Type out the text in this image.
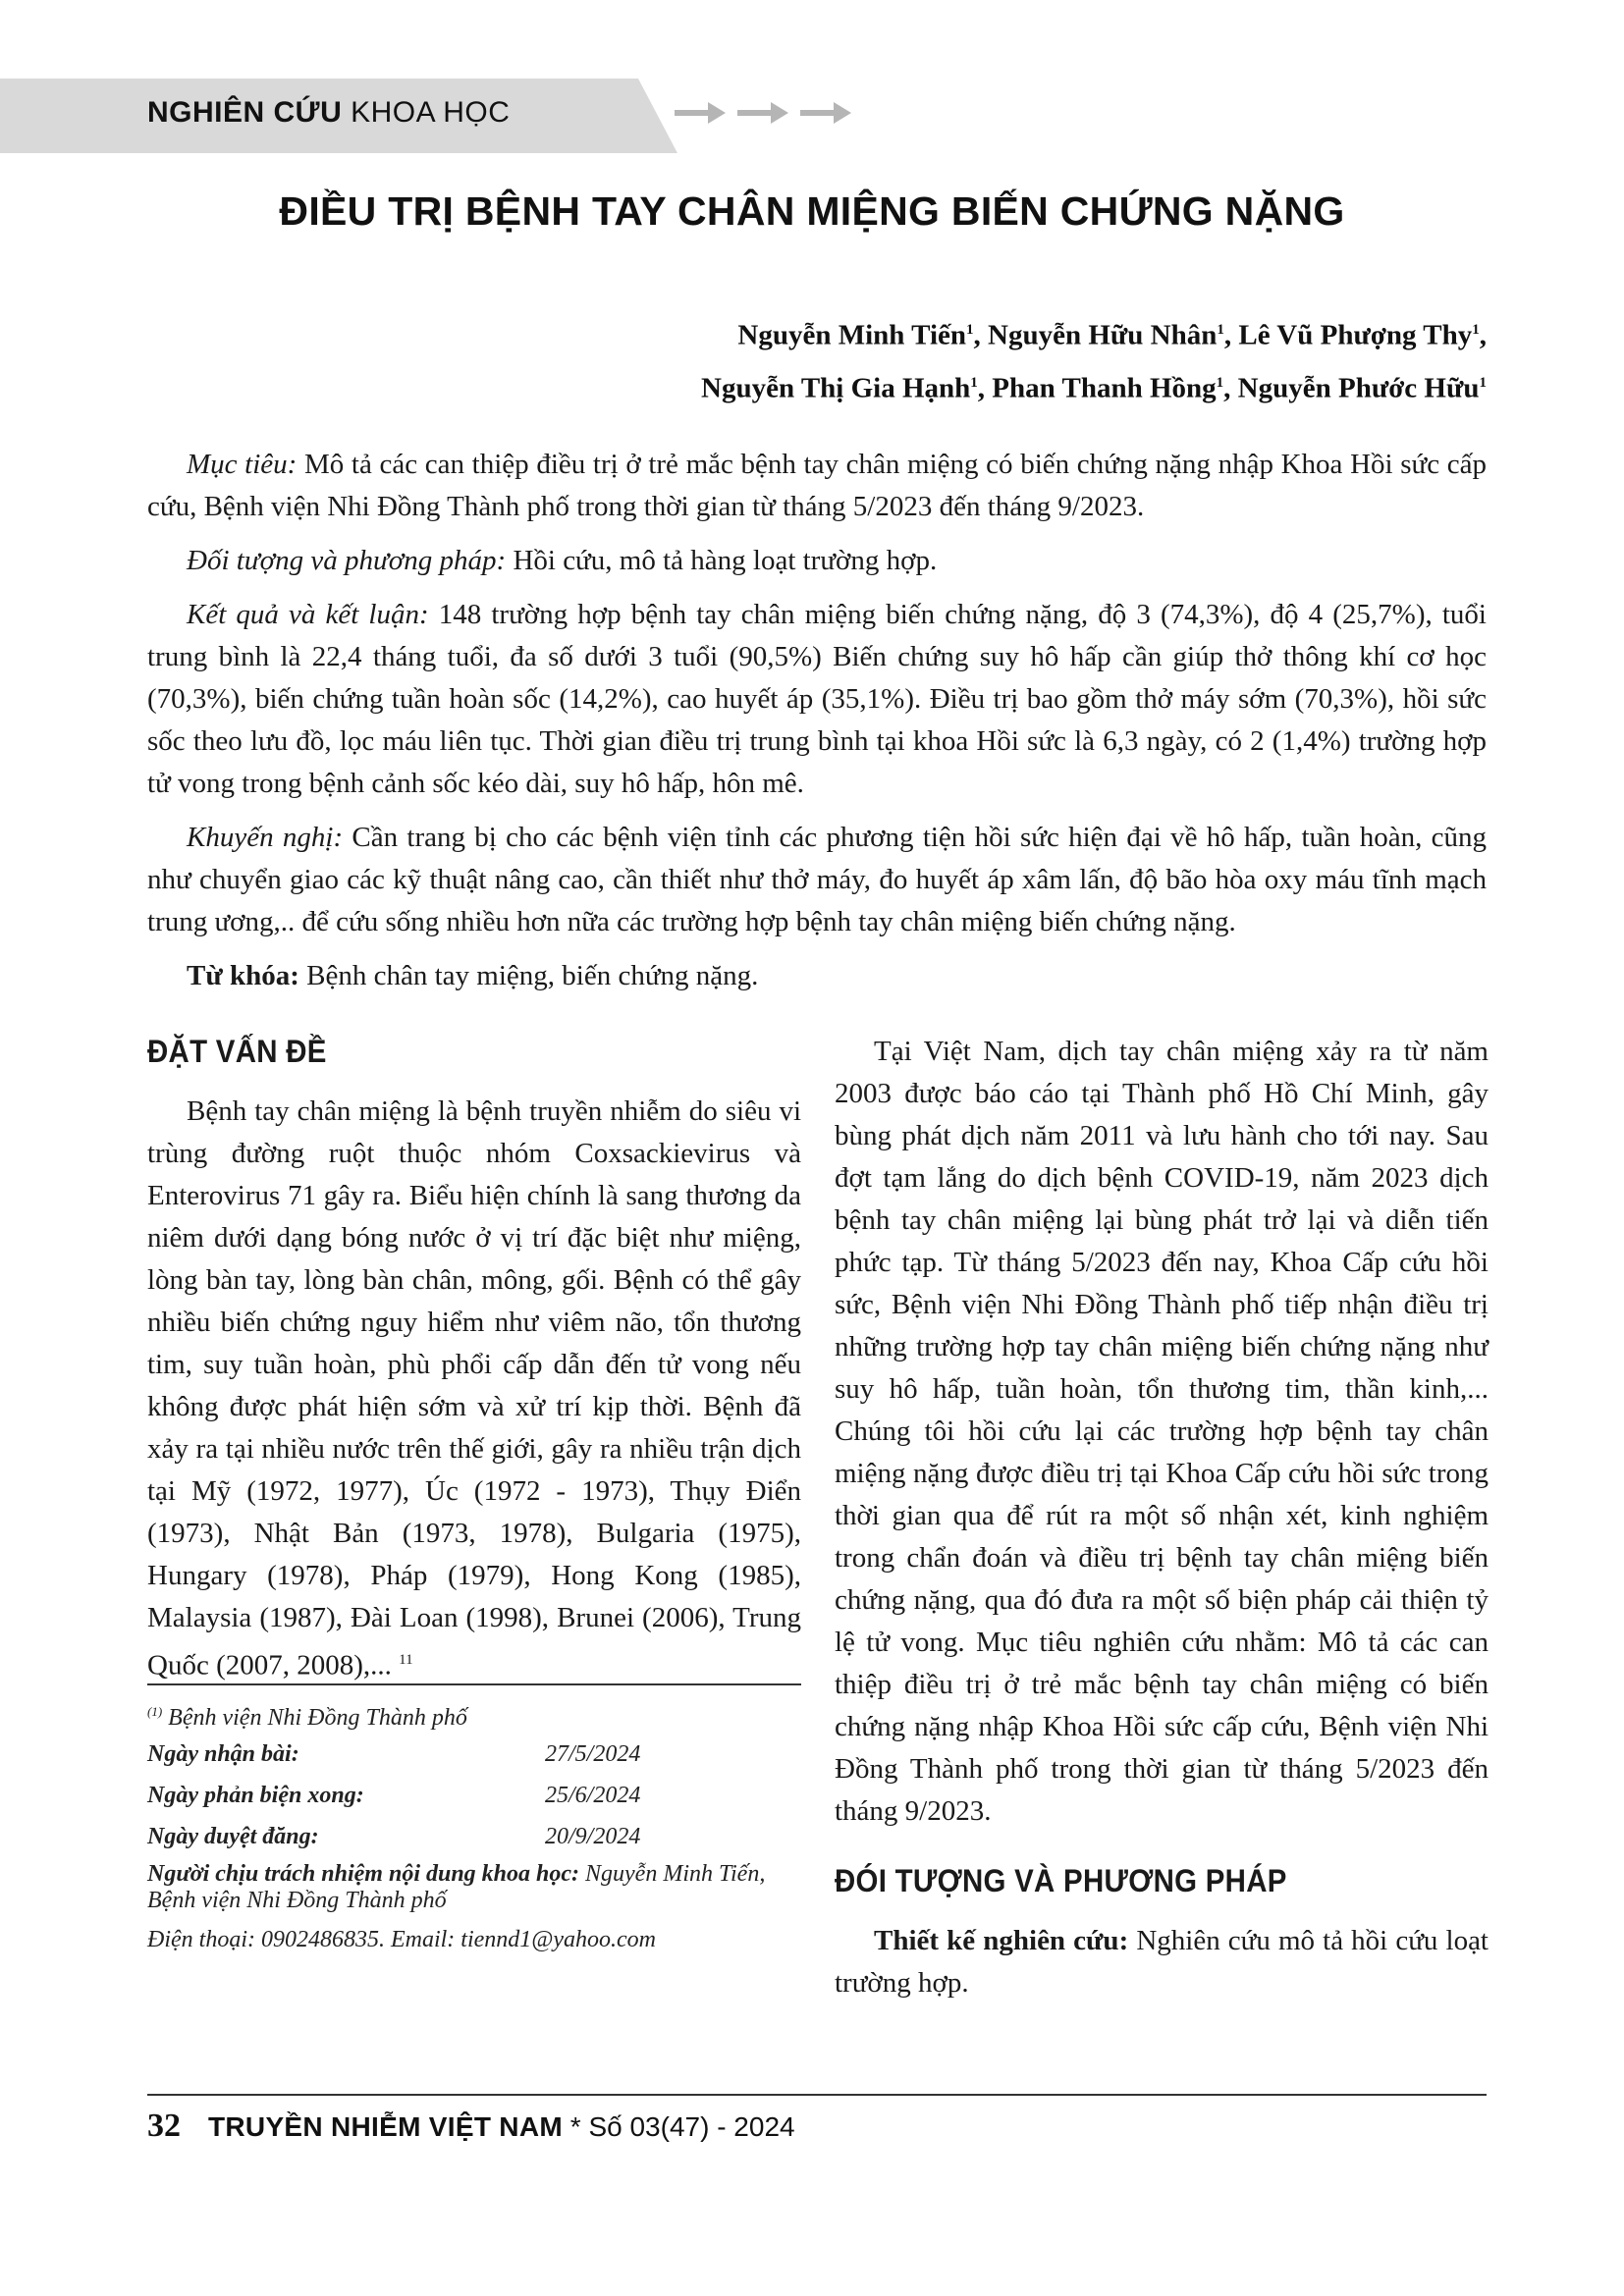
NGHIÊN CỨU KHOA HỌC

ĐIỀU TRỊ BỆNH TAY CHÂN MIỆNG BIẾN CHỨNG NẶNG
Nguyễn Minh Tiến$^1$, Nguyễn Hữu Nhân$^1$, Lê Vũ Phượng Thy$^1$,
Nguyễn Thị Gia Hạnh$^1$, Phan Thanh Hồng$^1$, Nguyễn Phước Hữu$^1$

Mục tiêu: Mô tả các can thiệp điều trị ở trẻ mắc bệnh tay chân miệng có biến chứng nặng nhập Khoa Hồi sức cấp cứu, Bệnh viện Nhi Đồng Thành phố trong thời gian từ tháng 5/2023 đến tháng 9/2023.

Đối tượng và phương pháp: Hồi cứu, mô tả hàng loạt trường hợp.

Kết quả và kết luận: 148 trường hợp bệnh tay chân miệng biến chứng nặng, độ 3 (74,3%), độ 4 (25,7%), tuổi trung bình là 22,4 tháng tuổi, đa số dưới 3 tuổi (90,5%) Biến chứng suy hô hấp cần giúp thở thông khí cơ học (70,3%), biến chứng tuần hoàn sốc (14,2%), cao huyết áp (35,1%). Điều trị bao gồm thở máy sớm (70,3%), hồi sức sốc theo lưu đồ, lọc máu liên tục. Thời gian điều trị trung bình tại khoa Hồi sức là 6,3 ngày, có 2 (1,4%) trường hợp tử vong trong bệnh cảnh sốc kéo dài, suy hô hấp, hôn mê.

Khuyến nghị: Cần trang bị cho các bệnh viện tỉnh các phương tiện hồi sức hiện đại về hô hấp, tuần hoàn, cũng như chuyển giao các kỹ thuật nâng cao, cần thiết như thở máy, đo huyết áp xâm lấn, độ bão hòa oxy máu tĩnh mạch trung ương,.. để cứu sống nhiều hơn nữa các trường hợp bệnh tay chân miệng biến chứng nặng.

Từ khóa: Bệnh chân tay miệng, biến chứng nặng.

ĐẶT VẤN ĐỀ

Bệnh tay chân miệng là bệnh truyền nhiễm do siêu vi trùng đường ruột thuộc nhóm Coxsackievirus và Enterovirus 71 gây ra. Biểu hiện chính là sang thương da niêm dưới dạng bóng nước ở vị trí đặc biệt như miệng, lòng bàn tay, lòng bàn chân, mông, gối. Bệnh có thể gây nhiều biến chứng nguy hiểm như viêm não, tổn thương tim, suy tuần hoàn, phù phổi cấp dẫn đến tử vong nếu không được phát hiện sớm và xử trí kịp thời. Bệnh đã xảy ra tại nhiều nước trên thế giới, gây ra nhiều trận dịch tại Mỹ (1972, 1977), Úc (1972 - 1973), Thụy Điển (1973), Nhật Bản (1973, 1978), Bulgaria (1975), Hungary (1978), Pháp (1979), Hong Kong (1985), Malaysia (1987), Đài Loan (1998), Brunei (2006), Trung Quốc (2007, 2008),... $^{11}$

Tại Việt Nam, dịch tay chân miệng xảy ra từ năm 2003 được báo cáo tại Thành phố Hồ Chí Minh, gây bùng phát dịch năm 2011 và lưu hành cho tới nay. Sau đợt tạm lắng do dịch bệnh COVID-19, năm 2023 dịch bệnh tay chân miệng lại bùng phát trở lại và diễn tiến phức tạp. Từ tháng 5/2023 đến nay, Khoa Cấp cứu hồi sức, Bệnh viện Nhi Đồng Thành phố tiếp nhận điều trị những trường hợp tay chân miệng biến chứng nặng như suy hô hấp, tuần hoàn, tổn thương tim, thần kinh,... Chúng tôi hồi cứu lại các trường hợp bệnh tay chân miệng nặng được điều trị tại Khoa Cấp cứu hồi sức trong thời gian qua để rút ra một số nhận xét, kinh nghiệm trong chẩn đoán và điều trị bệnh tay chân miệng biến chứng nặng, qua đó đưa ra một số biện pháp cải thiện tỷ lệ tử vong. Mục tiêu nghiên cứu nhằm: Mô tả các can thiệp điều trị ở trẻ mắc bệnh tay chân miệng có biến chứng nặng nhập Khoa Hồi sức cấp cứu, Bệnh viện Nhi Đồng Thành phố trong thời gian từ tháng 5/2023 đến tháng 9/2023.

ĐÓI TƯỢNG VÀ PHƯƠNG PHÁP

Thiết kế nghiên cứu: Nghiên cứu mô tả hồi cứu loạt trường hợp.

$^{(1)}$ Bệnh viện Nhi Đồng Thành phố
Ngày nhận bài:	27/5/2024
Ngày phản biện xong:	25/6/2024
Ngày duyệt đăng:	20/9/2024
Người chịu trách nhiệm nội dung khoa học: Nguyễn Minh Tiến, Bệnh viện Nhi Đồng Thành phố
Điện thoại: 0902486835. Email: tiennd1@yahoo.com
32 TRUYỀN NHIỄM VIỆT NAM * Số 03(47) - 2024
